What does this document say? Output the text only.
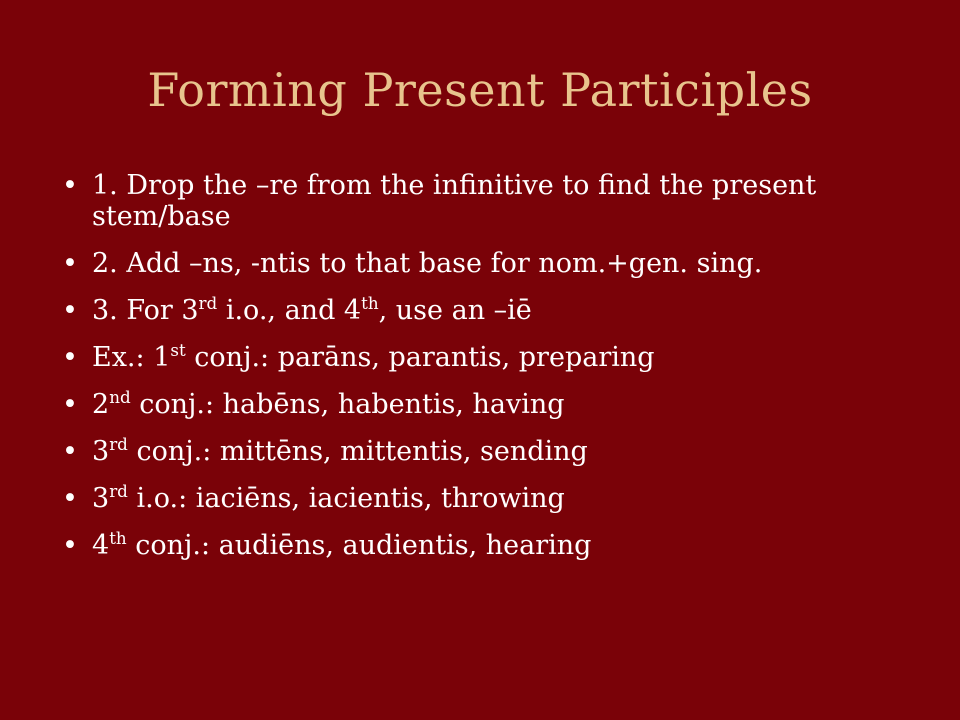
Forming Present Participles
• 1. Drop the –re from the infinitive to find the present stem/base
• 2. Add –ns, -ntis to that base for nom.+gen. sing.
• 3. For 3rd i.o., and 4th, use an –iē
• Ex.: 1st conj.: parāns, parantis, preparing
• 2nd conj.: habēns, habentis, having
• 3rd conj.: mittēns, mittentis, sending
• 3rd i.o.: iaciēns, iacientis, throwing
• 4th conj.: audiēns, audientis, hearing
